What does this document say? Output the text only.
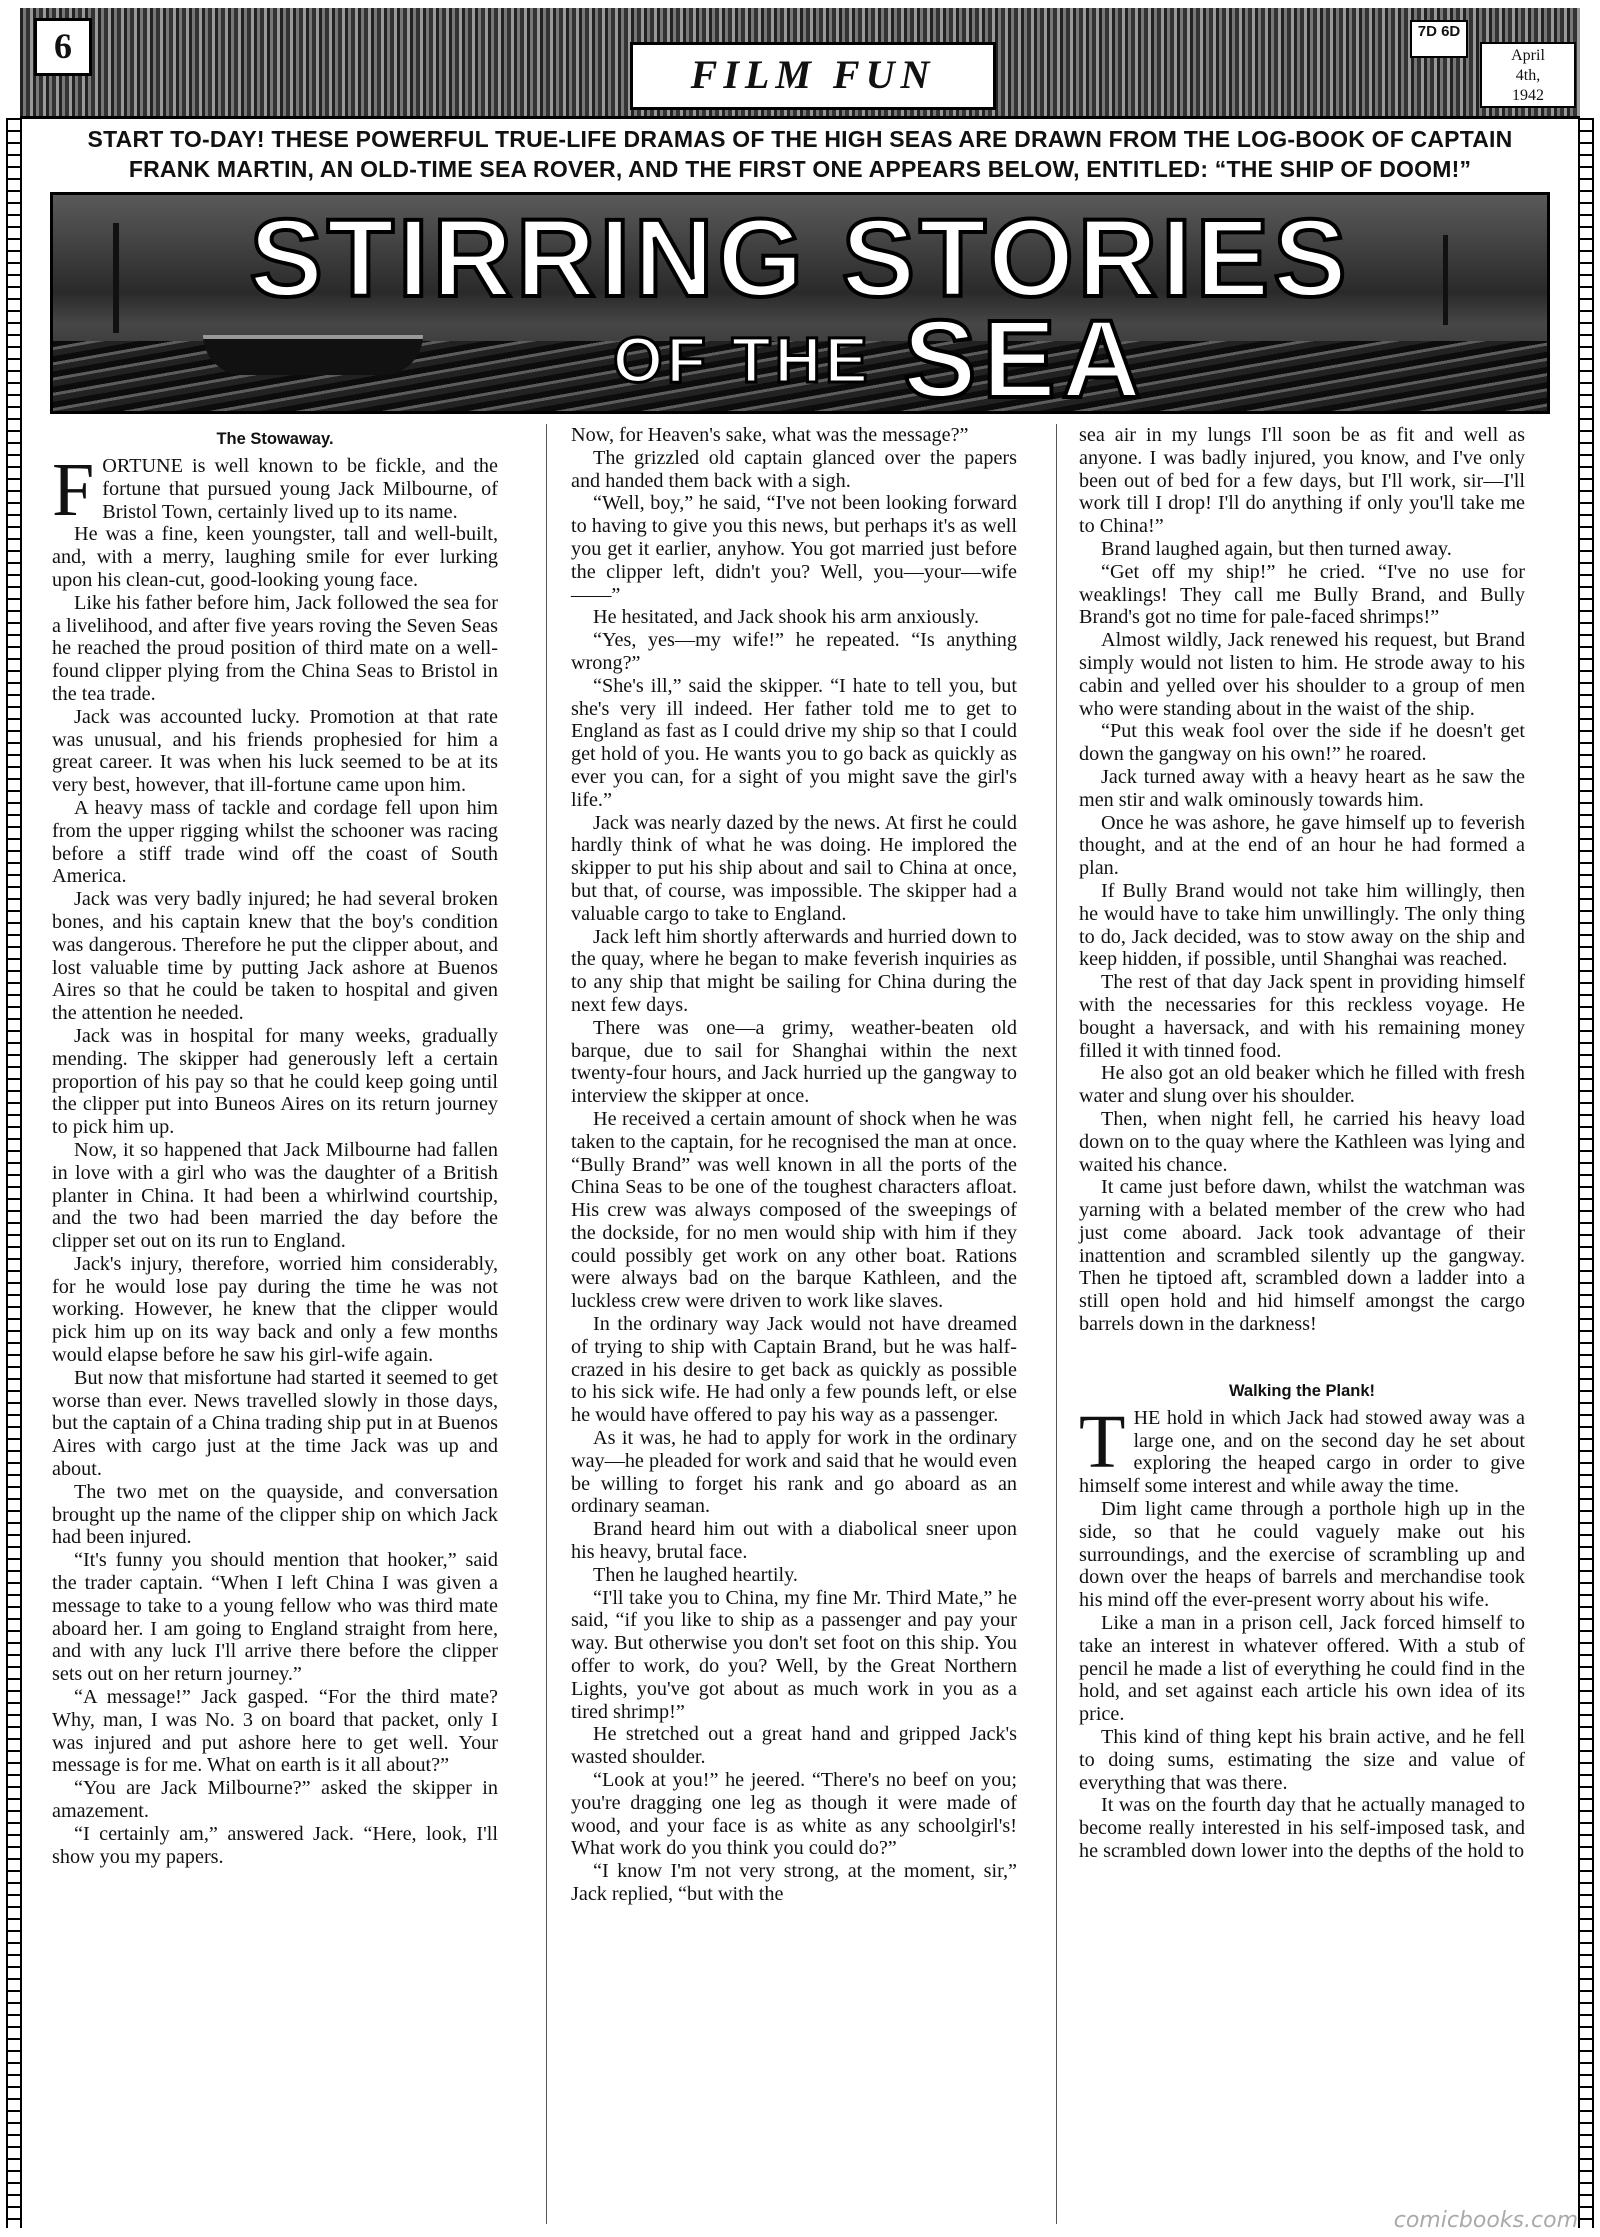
6
FILM FUN
7D 6D
April
4th,
1942
START TO-DAY! THESE POWERFUL TRUE-LIFE DRAMAS OF THE HIGH SEAS ARE DRAWN FROM THE LOG-BOOK OF CAPTAIN FRANK MARTIN, AN OLD-TIME SEA ROVER, AND THE FIRST ONE APPEARS BELOW, ENTITLED: “THE SHIP OF DOOM!”
STIRRING STORIES
OF THE SEA
The Stowaway.

FORTUNE is well known to be fickle, and the fortune that pursued young Jack Milbourne, of Bristol Town, certainly lived up to its name.

He was a fine, keen youngster, tall and well-built, and, with a merry, laughing smile for ever lurking upon his clean-cut, good-looking young face.

Like his father before him, Jack followed the sea for a livelihood, and after five years roving the Seven Seas he reached the proud position of third mate on a well-found clipper plying from the China Seas to Bristol in the tea trade.

Jack was accounted lucky. Promotion at that rate was unusual, and his friends prophesied for him a great career. It was when his luck seemed to be at its very best, however, that ill-fortune came upon him.

A heavy mass of tackle and cordage fell upon him from the upper rigging whilst the schooner was racing before a stiff trade wind off the coast of South America.

Jack was very badly injured; he had several broken bones, and his captain knew that the boy's condition was dangerous. Therefore he put the clipper about, and lost valuable time by putting Jack ashore at Buenos Aires so that he could be taken to hospital and given the attention he needed.

Jack was in hospital for many weeks, gradually mending. The skipper had generously left a certain proportion of his pay so that he could keep going until the clipper put into Buneos Aires on its return journey to pick him up.

Now, it so happened that Jack Milbourne had fallen in love with a girl who was the daughter of a British planter in China. It had been a whirlwind courtship, and the two had been married the day before the clipper set out on its run to England.

Jack's injury, therefore, worried him considerably, for he would lose pay during the time he was not working. However, he knew that the clipper would pick him up on its way back and only a few months would elapse before he saw his girl-wife again.

But now that misfortune had started it seemed to get worse than ever. News travelled slowly in those days, but the captain of a China trading ship put in at Buenos Aires with cargo just at the time Jack was up and about.

The two met on the quayside, and conversation brought up the name of the clipper ship on which Jack had been injured.

“It's funny you should mention that hooker,” said the trader captain. “When I left China I was given a message to take to a young fellow who was third mate aboard her. I am going to England straight from here, and with any luck I'll arrive there before the clipper sets out on her return journey.”

“A message!” Jack gasped. “For the third mate? Why, man, I was No. 3 on board that packet, only I was injured and put ashore here to get well. Your message is for me. What on earth is it all about?”

“You are Jack Milbourne?” asked the skipper in amazement.

“I certainly am,” answered Jack. “Here, look, I'll show you my papers.

Now, for Heaven's sake, what was the message?”

The grizzled old captain glanced over the papers and handed them back with a sigh.

“Well, boy,” he said, “I've not been looking forward to having to give you this news, but perhaps it's as well you get it earlier, anyhow. You got married just before the clipper left, didn't you? Well, you—your—wife——”

He hesitated, and Jack shook his arm anxiously.

“Yes, yes—my wife!” he repeated. “Is anything wrong?”

“She's ill,” said the skipper. “I hate to tell you, but she's very ill indeed. Her father told me to get to England as fast as I could drive my ship so that I could get hold of you. He wants you to go back as quickly as ever you can, for a sight of you might save the girl's life.”

Jack was nearly dazed by the news. At first he could hardly think of what he was doing. He implored the skipper to put his ship about and sail to China at once, but that, of course, was impossible. The skipper had a valuable cargo to take to England.

Jack left him shortly afterwards and hurried down to the quay, where he began to make feverish inquiries as to any ship that might be sailing for China during the next few days.

There was one—a grimy, weather-beaten old barque, due to sail for Shanghai within the next twenty-four hours, and Jack hurried up the gangway to interview the skipper at once.

He received a certain amount of shock when he was taken to the captain, for he recognised the man at once. “Bully Brand” was well known in all the ports of the China Seas to be one of the toughest characters afloat. His crew was always composed of the sweepings of the dockside, for no men would ship with him if they could possibly get work on any other boat. Rations were always bad on the barque Kathleen, and the luckless crew were driven to work like slaves.

In the ordinary way Jack would not have dreamed of trying to ship with Captain Brand, but he was half-crazed in his desire to get back as quickly as possible to his sick wife. He had only a few pounds left, or else he would have offered to pay his way as a passenger.

As it was, he had to apply for work in the ordinary way—he pleaded for work and said that he would even be willing to forget his rank and go aboard as an ordinary seaman.

Brand heard him out with a diabolical sneer upon his heavy, brutal face.

Then he laughed heartily.

“I'll take you to China, my fine Mr. Third Mate,” he said, “if you like to ship as a passenger and pay your way. But otherwise you don't set foot on this ship. You offer to work, do you? Well, by the Great Northern Lights, you've got about as much work in you as a tired shrimp!”

He stretched out a great hand and gripped Jack's wasted shoulder.

“Look at you!” he jeered. “There's no beef on you; you're dragging one leg as though it were made of wood, and your face is as white as any schoolgirl's! What work do you think you could do?”

“I know I'm not very strong, at the moment, sir,” Jack replied, “but with the

sea air in my lungs I'll soon be as fit and well as anyone. I was badly injured, you know, and I've only been out of bed for a few days, but I'll work, sir—I'll work till I drop! I'll do anything if only you'll take me to China!”

Brand laughed again, but then turned away.

“Get off my ship!” he cried. “I've no use for weaklings! They call me Bully Brand, and Bully Brand's got no time for pale-faced shrimps!”

Almost wildly, Jack renewed his request, but Brand simply would not listen to him. He strode away to his cabin and yelled over his shoulder to a group of men who were standing about in the waist of the ship.

“Put this weak fool over the side if he doesn't get down the gangway on his own!” he roared.

Jack turned away with a heavy heart as he saw the men stir and walk ominously towards him.

Once he was ashore, he gave himself up to feverish thought, and at the end of an hour he had formed a plan.

If Bully Brand would not take him willingly, then he would have to take him unwillingly. The only thing to do, Jack decided, was to stow away on the ship and keep hidden, if possible, until Shanghai was reached.

The rest of that day Jack spent in providing himself with the necessaries for this reckless voyage. He bought a haversack, and with his remaining money filled it with tinned food.

He also got an old beaker which he filled with fresh water and slung over his shoulder.

Then, when night fell, he carried his heavy load down on to the quay where the Kathleen was lying and waited his chance.

It came just before dawn, whilst the watchman was yarning with a belated member of the crew who had just come aboard. Jack took advantage of their inattention and scrambled silently up the gangway. Then he tiptoed aft, scrambled down a ladder into a still open hold and hid himself amongst the cargo barrels down in the darkness!

Walking the Plank!

THE hold in which Jack had stowed away was a large one, and on the second day he set about exploring the heaped cargo in order to give himself some interest and while away the time.

Dim light came through a porthole high up in the side, so that he could vaguely make out his surroundings, and the exercise of scrambling up and down over the heaps of barrels and merchandise took his mind off the ever-present worry about his wife.

Like a man in a prison cell, Jack forced himself to take an interest in whatever offered. With a stub of pencil he made a list of everything he could find in the hold, and set against each article his own idea of its price.

This kind of thing kept his brain active, and he fell to doing sums, estimating the size and value of everything that was there.

It was on the fourth day that he actually managed to become really interested in his self-imposed task, and he scrambled down lower into the depths of the hold to

comicbooks.com
